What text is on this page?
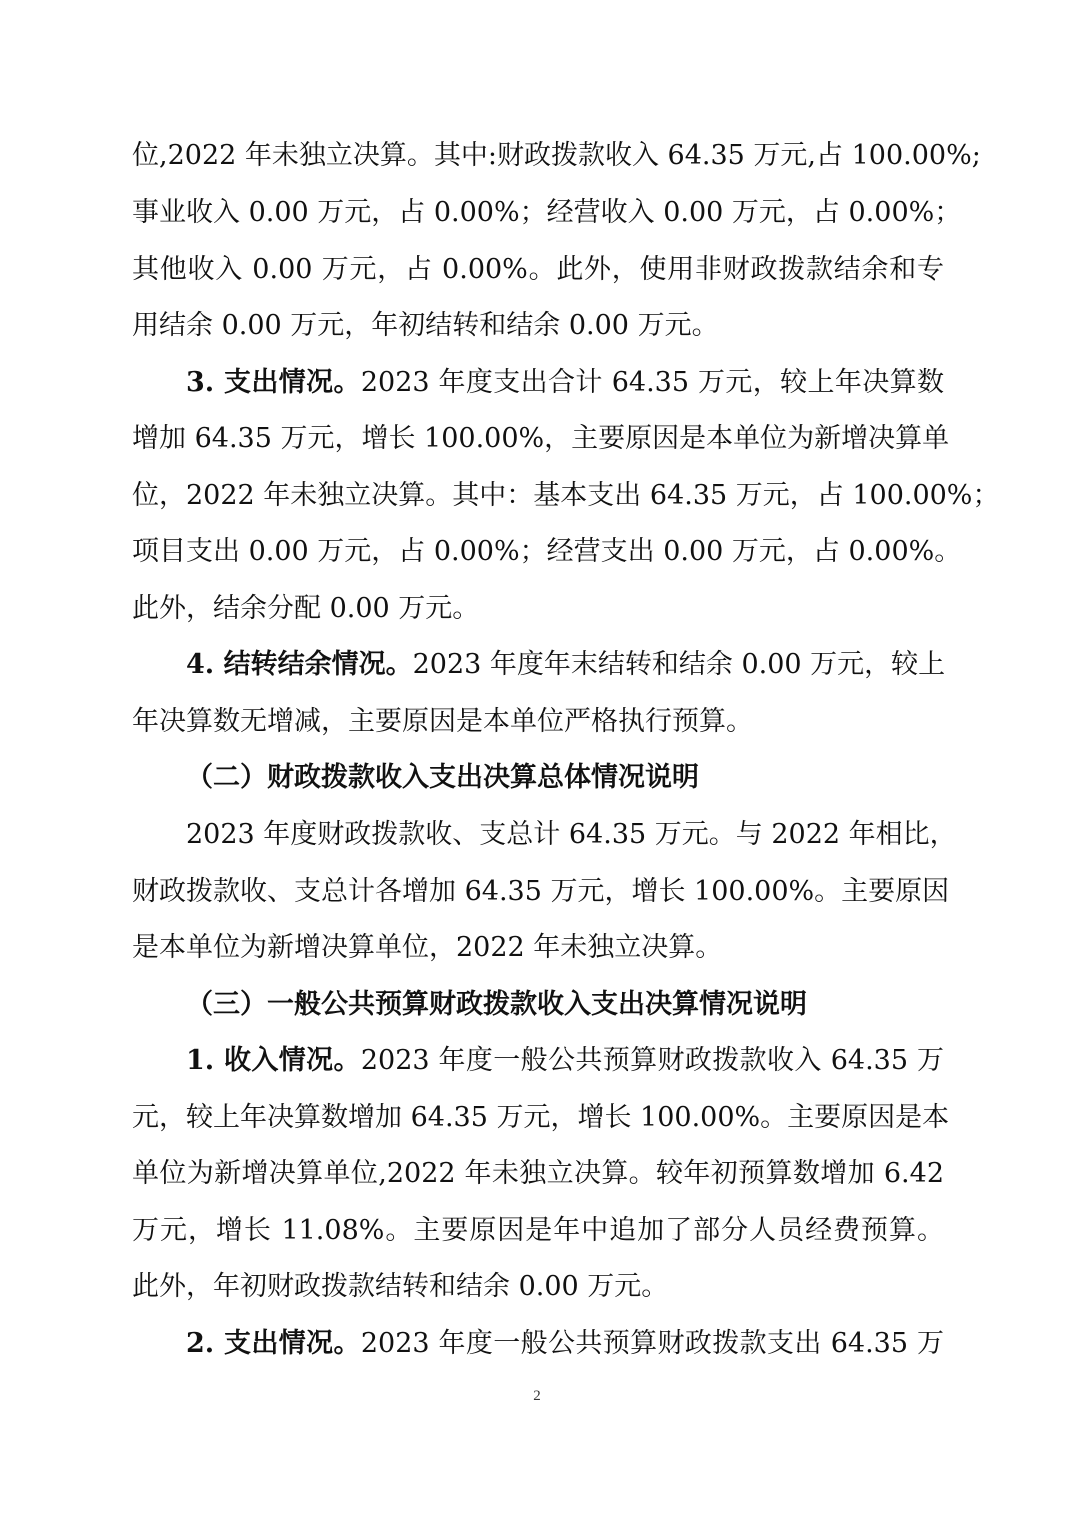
位,2022 年未独立决算。其中:财政拨款收入 64.35 万元,占 100.00%;

事业收入 0.00 万元，占 0.00%；经营收入 0.00 万元，占 0.00%；

其他收入 0.00 万元，占 0.00%。此外，使用非财政拨款结余和专

用结余 0.00 万元，年初结转和结余 0.00 万元。

3. 支出情况。2023 年度支出合计 64.35 万元，较上年决算数

增加 64.35 万元，增长 100.00%，主要原因是本单位为新增决算单

位，2022 年未独立决算。其中：基本支出 64.35 万元，占 100.00%；

项目支出 0.00 万元，占 0.00%；经营支出 0.00 万元，占 0.00%。

此外，结余分配 0.00 万元。

4. 结转结余情况。2023 年度年末结转和结余 0.00 万元，较上

年决算数无增减，主要原因是本单位严格执行预算。

（二）财政拨款收入支出决算总体情况说明

2023 年度财政拨款收、支总计 64.35 万元。与 2022 年相比，

财政拨款收、支总计各增加 64.35 万元，增长 100.00%。主要原因

是本单位为新增决算单位，2022 年未独立决算。

（三）一般公共预算财政拨款收入支出决算情况说明

1. 收入情况。2023 年度一般公共预算财政拨款收入 64.35 万

元，较上年决算数增加 64.35 万元，增长 100.00%。主要原因是本

单位为新增决算单位,2022 年未独立决算。较年初预算数增加 6.42

万元，增长 11.08%。主要原因是年中追加了部分人员经费预算。

此外，年初财政拨款结转和结余 0.00 万元。

2. 支出情况。2023 年度一般公共预算财政拨款支出 64.35 万

2
